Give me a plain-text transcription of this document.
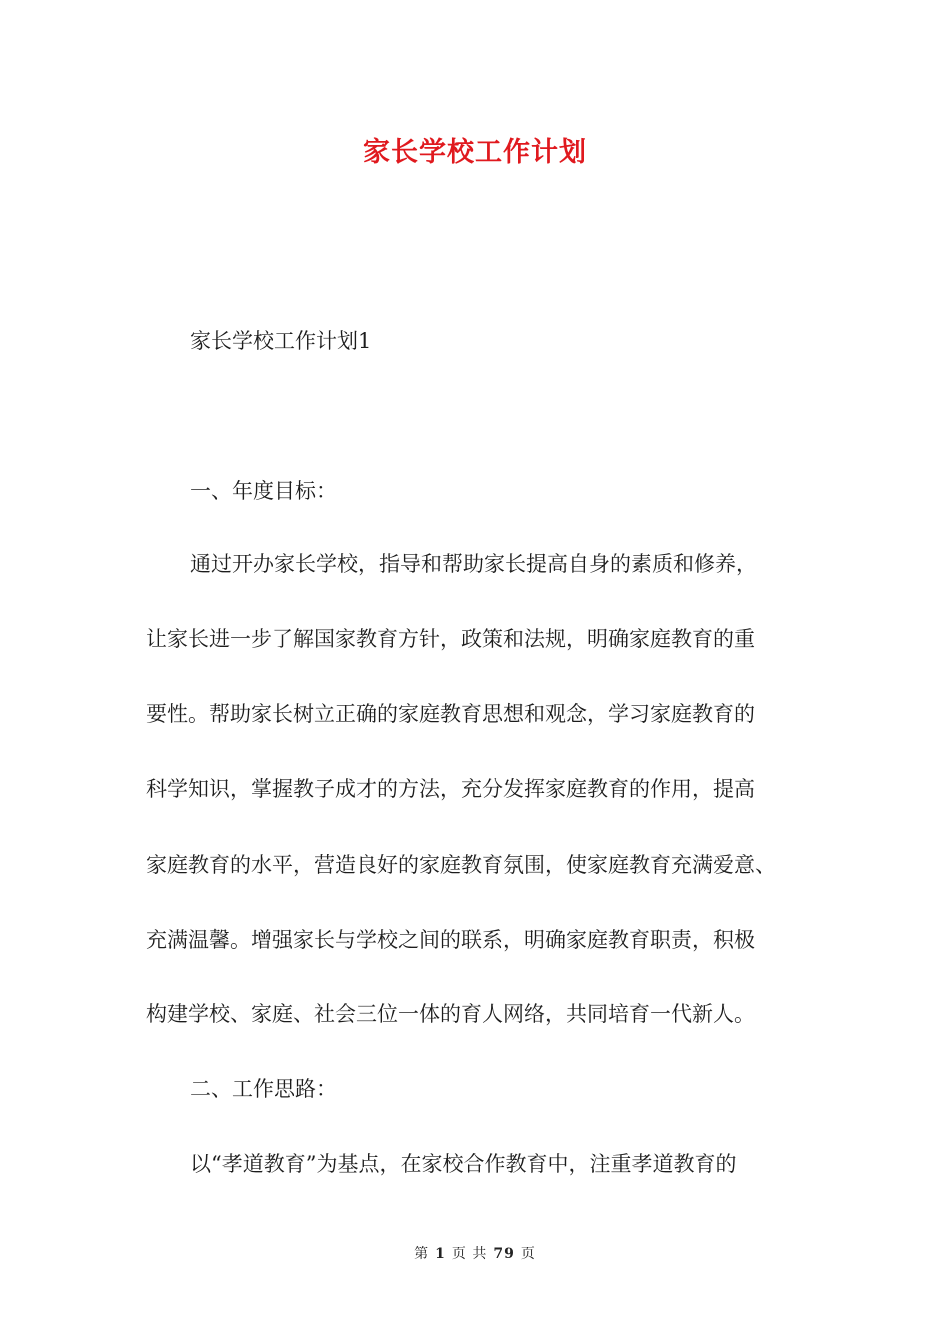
家长学校工作计划
家长学校工作计划1
一、年度目标：
通过开办家长学校，指导和帮助家长提高自身的素质和修养，
让家长进一步了解国家教育方针，政策和法规，明确家庭教育的重
要性。帮助家长树立正确的家庭教育思想和观念，学习家庭教育的
科学知识，掌握教子成才的方法，充分发挥家庭教育的作用，提高
家庭教育的水平，营造良好的家庭教育氛围，使家庭教育充满爱意、
充满温馨。增强家长与学校之间的联系，明确家庭教育职责，积极
构建学校、家庭、社会三位一体的育人网络，共同培育一代新人。
二、工作思路：
以“孝道教育”为基点，在家校合作教育中，注重孝道教育的
第 1 页 共 79 页
